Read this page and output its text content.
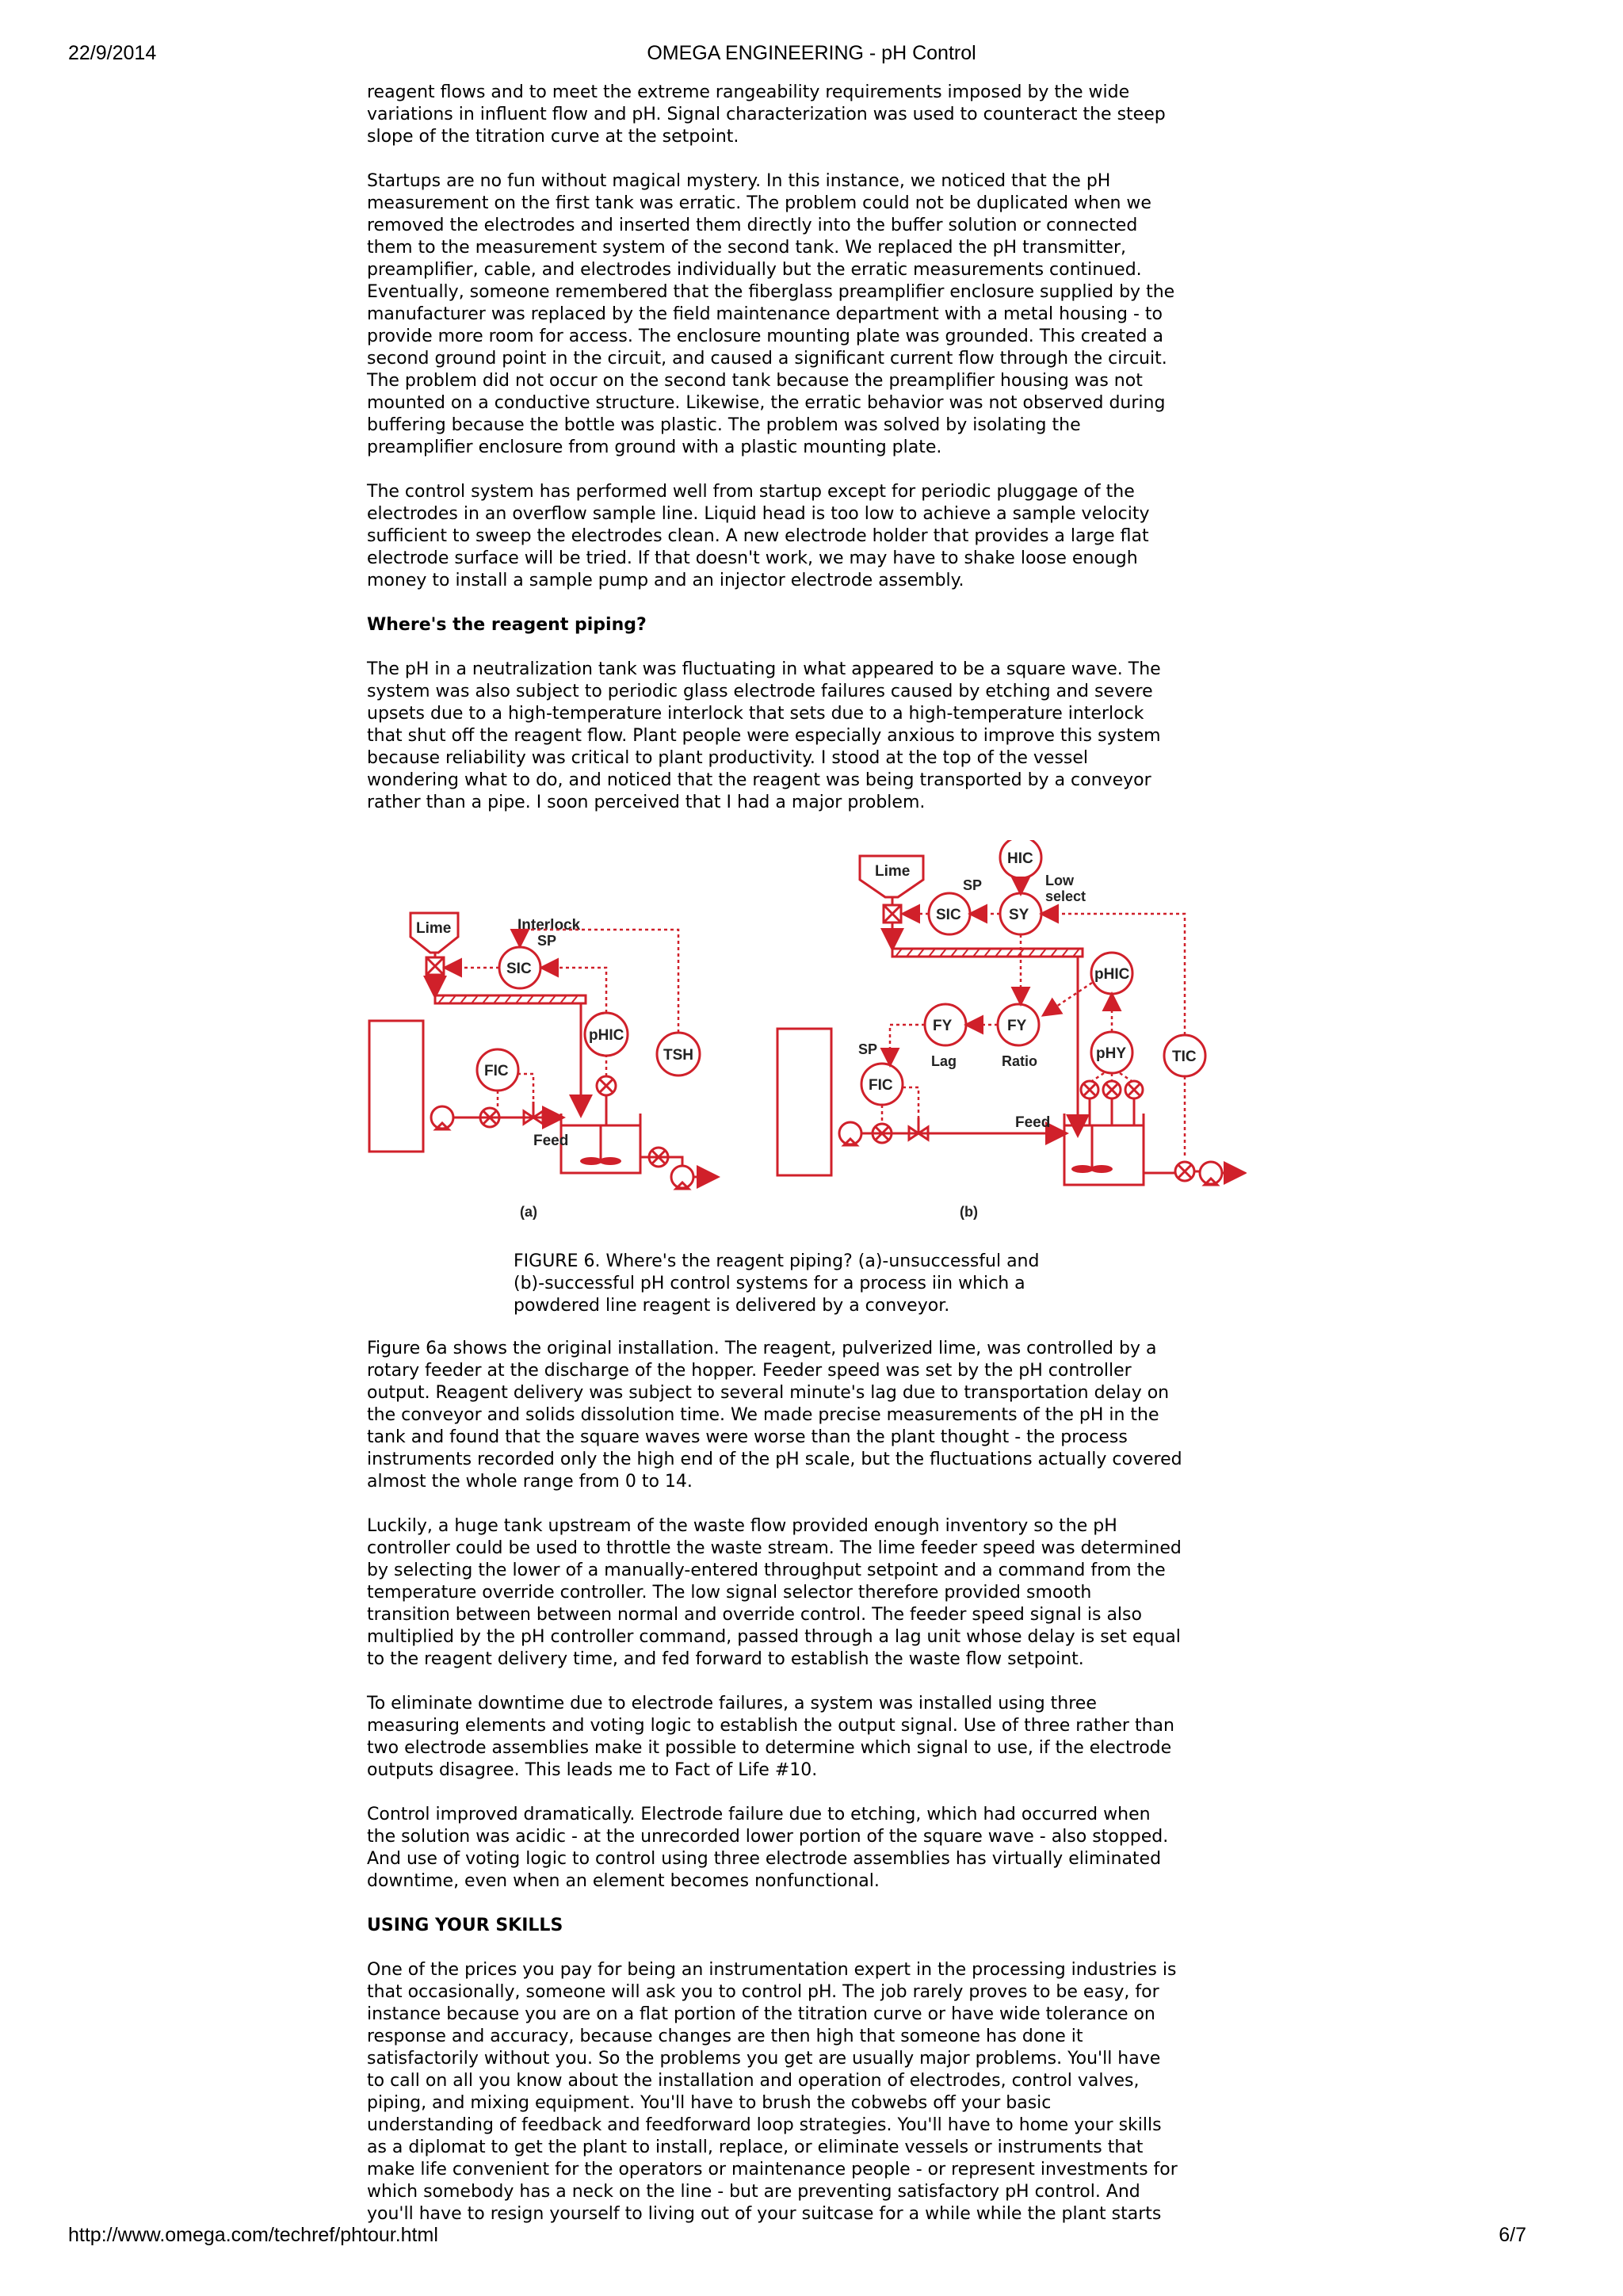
22/9/2014	OMEGA ENGINEERING - pH Control

reagent flows and to meet the extreme rangeability requirements imposed by the wide
variations in influent flow and pH. Signal characterization was used to counteract the steep
slope of the titration curve at the setpoint.

Startups are no fun without magical mystery. In this instance, we noticed that the pH
measurement on the first tank was erratic. The problem could not be duplicated when we
removed the electrodes and inserted them directly into the buffer solution or connected
them to the measurement system of the second tank. We replaced the pH transmitter,
preamplifier, cable, and electrodes individually but the erratic measurements continued.
Eventually, someone remembered that the fiberglass preamplifier enclosure supplied by the
manufacturer was replaced by the field maintenance department with a metal housing - to
provide more room for access. The enclosure mounting plate was grounded. This created a
second ground point in the circuit, and caused a significant current flow through the circuit.
The problem did not occur on the second tank because the preamplifier housing was not
mounted on a conductive structure. Likewise, the erratic behavior was not observed during
buffering because the bottle was plastic. The problem was solved by isolating the
preamplifier enclosure from ground with a plastic mounting plate.

The control system has performed well from startup except for periodic pluggage of the
electrodes in an overflow sample line. Liquid head is too low to achieve a sample velocity
sufficient to sweep the electrodes clean. A new electrode holder that provides a large flat
electrode surface will be tried. If that doesn't work, we may have to shake loose enough
money to install a sample pump and an injector electrode assembly.

Where's the reagent piping?

The pH in a neutralization tank was fluctuating in what appeared to be a square wave. The
system was also subject to periodic glass electrode failures caused by etching and severe
upsets due to a high-temperature interlock that sets due to a high-temperature interlock
that shut off the reagent flow. Plant people were especially anxious to improve this system
because reliability was critical to plant productivity. I stood at the top of the vessel
wondering what to do, and noticed that the reagent was being transported by a conveyor
rather than a pipe. I soon perceived that I had a major problem.

Lime
SIC
SP
Interlock
pHIC
TSH
FIC
Feed
(a)
Lime
HIC
SIC
SP
SY
Low select
pHIC
FY
Lag
FY
Ratio
FIC
SP	pHY	TIC
Feed
(b)

FIGURE 6. Where's the reagent piping? (a)-unsuccessful and
(b)-successful pH control systems for a process iin which a
powdered line reagent is delivered by a conveyor.

Figure 6a shows the original installation. The reagent, pulverized lime, was controlled by a
rotary feeder at the discharge of the hopper. Feeder speed was set by the pH controller
output. Reagent delivery was subject to several minute's lag due to transportation delay on
the conveyor and solids dissolution time. We made precise measurements of the pH in the
tank and found that the square waves were worse than the plant thought - the process
instruments recorded only the high end of the pH scale, but the fluctuations actually covered
almost the whole range from 0 to 14.

Luckily, a huge tank upstream of the waste flow provided enough inventory so the pH
controller could be used to throttle the waste stream. The lime feeder speed was determined
by selecting the lower of a manually-entered throughput setpoint and a command from the
temperature override controller. The low signal selector therefore provided smooth
transition between between normal and override control. The feeder speed signal is also
multiplied by the pH controller command, passed through a lag unit whose delay is set equal
to the reagent delivery time, and fed forward to establish the waste flow setpoint.

To eliminate downtime due to electrode failures, a system was installed using three
measuring elements and voting logic to establish the output signal. Use of three rather than
two electrode assemblies make it possible to determine which signal to use, if the electrode
outputs disagree. This leads me to Fact of Life #10.

Control improved dramatically. Electrode failure due to etching, which had occurred when
the solution was acidic - at the unrecorded lower portion of the square wave - also stopped.
And use of voting logic to control using three electrode assemblies has virtually eliminated
downtime, even when an element becomes nonfunctional.

USING YOUR SKILLS

One of the prices you pay for being an instrumentation expert in the processing industries is
that occasionally, someone will ask you to control pH. The job rarely proves to be easy, for
instance because you are on a flat portion of the titration curve or have wide tolerance on
response and accuracy, because changes are then high that someone has done it
satisfactorily without you. So the problems you get are usually major problems. You'll have
to call on all you know about the installation and operation of electrodes, control valves,
piping, and mixing equipment. You'll have to brush the cobwebs off your basic
understanding of feedback and feedforward loop strategies. You'll have to home your skills
as a diplomat to get the plant to install, replace, or eliminate vessels or instruments that
make life convenient for the operators or maintenance people - or represent investments for
which somebody has a neck on the line - but are preventing satisfactory pH control. And
you'll have to resign yourself to living out of your suitcase for a while while the plant starts

http://www.omega.com/techref/phtour.html	6/7
